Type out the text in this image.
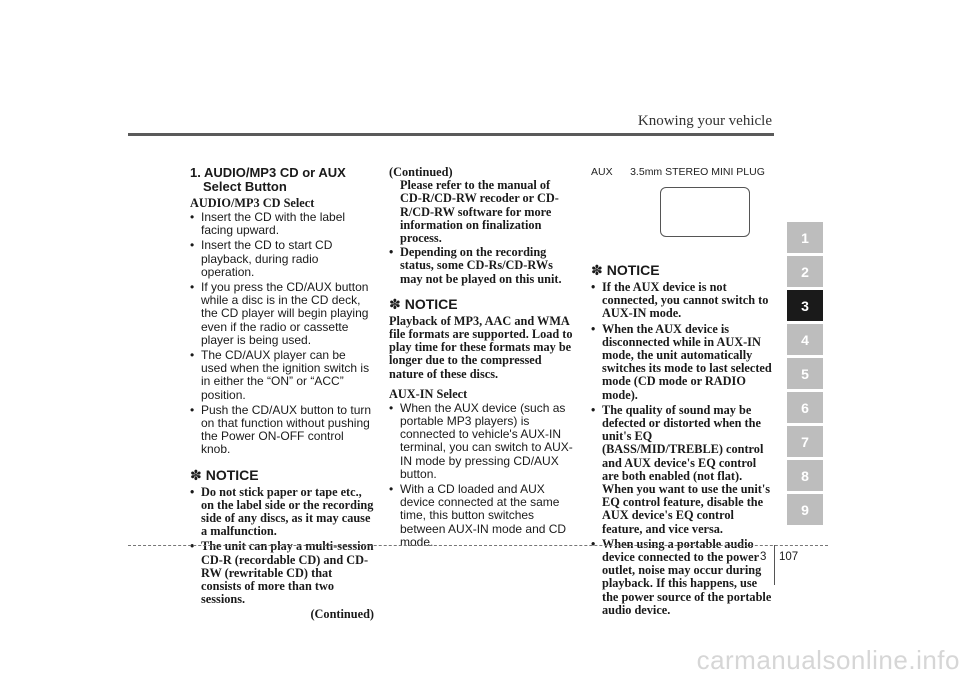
Knowing your vehicle
1. AUDIO/MP3 CD or AUX
Select Button
AUDIO/MP3 CD Select
• Insert the CD with the label facing upward.
• Insert the CD to start CD playback, during radio operation.
• If you press the CD/AUX button while a disc is in the CD deck, the CD player will begin playing even if the radio or cassette player is being used.
• The CD/AUX player can be used when the ignition switch is in either the “ON” or “ACC” position.
• Push the CD/AUX button to turn on that function without pushing the Power ON-OFF control knob.
✽ NOTICE
• Do not stick paper or tape etc., on the label side or the recording side of any discs, as it may cause a malfunction.
• The unit can play a multi-session CD-R (recordable CD) and CD-RW (rewritable CD) that consists of more than two sessions.
(Continued)
(Continued)
Please refer to the manual of CD-R/CD-RW recoder or CD-R/CD-RW software for more information on finalization process.
• Depending on the recording status, some CD-Rs/CD-RWs may not be played on this unit.
✽ NOTICE
Playback of MP3, AAC and WMA file formats are supported. Load to play time for these formats may be longer due to the compressed nature of these discs.
AUX-IN Select
• When the AUX device (such as portable MP3 players) is connected to vehicle's AUX-IN terminal, you can switch to AUX-IN mode by pressing CD/AUX button.
• With a CD loaded and AUX device connected at the same time, this button switches between AUX-IN mode and CD mode.
AUX      3.5mm STEREO MINI PLUG
✽ NOTICE
• If the AUX device is not connected, you cannot switch to AUX-IN mode.
• When the AUX device is disconnected while in AUX-IN mode, the unit automatically switches its mode to last selected mode (CD mode or RADIO mode).
• The quality of sound may be defected or distorted when the unit's EQ (BASS/MID/TREBLE) control and AUX device's EQ control are both enabled (not flat). When you want to use the unit's EQ control feature, disable the AUX device's EQ control feature, and vice versa.
• When using a portable audio device connected to the power outlet, noise may occur during playback. If this happens, use the power source of the portable audio device.
1
2
3
4
5
6
7
8
9
3 107
carmanualsonline.info
